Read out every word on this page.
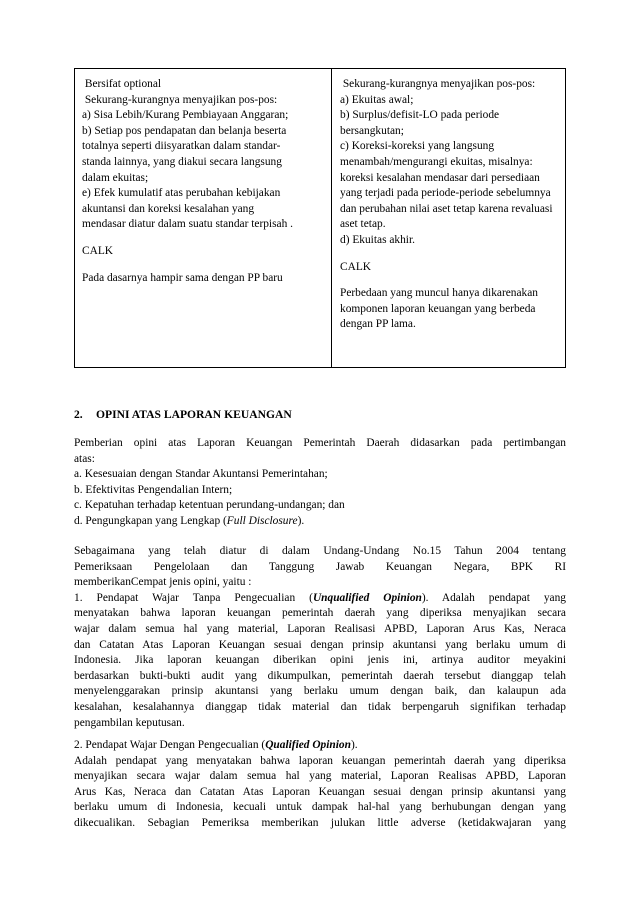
Bersifat optional
Sekurang-kurangnya menyajikan pos-pos:
a) Sisa Lebih/Kurang Pembiayaan Anggaran;
b) Setiap pos pendapatan dan belanja beserta
totalnya seperti diisyaratkan dalam standar-
standa lainnya, yang diakui secara langsung
dalam ekuitas;
e) Efek kumulatif atas perubahan kebijakan
akuntansi dan koreksi kesalahan yang
mendasar diatur dalam suatu standar terpisah .
CALK
Pada dasarnya hampir sama dengan PP baru
Sekurang-kurangnya menyajikan pos-pos:
a) Ekuitas awal;
b) Surplus/defisit-LO pada periode
bersangkutan;
c) Koreksi-koreksi yang langsung
menambah/mengurangi ekuitas, misalnya:
koreksi kesalahan mendasar dari persediaan
yang terjadi pada periode-periode sebelumnya
dan perubahan nilai aset tetap karena revaluasi
aset tetap.
d) Ekuitas akhir.
CALK
Perbedaan yang muncul hanya dikarenakan
komponen laporan keuangan yang berbeda
dengan PP lama.
2. OPINI ATAS LAPORAN KEUANGAN
Pemberian opini atas Laporan Keuangan Pemerintah Daerah didasarkan pada pertimbangan
atas:
a. Kesesuaian dengan Standar Akuntansi Pemerintahan;
b. Efektivitas Pengendalian Intern;
c. Kepatuhan terhadap ketentuan perundang-undangan; dan
d. Pengungkapan yang Lengkap (Full Disclosure).
Sebagaimana yang telah diatur di dalam Undang-Undang No.15 Tahun 2004 tentang
Pemeriksaan Pengelolaan dan Tanggung Jawab Keuangan Negara, BPK RI
memberikanCempat jenis opini, yaitu :
1. Pendapat Wajar Tanpa Pengecualian (Unqualified Opinion). Adalah pendapat yang
menyatakan bahwa laporan keuangan pemerintah daerah yang diperiksa menyajikan secara
wajar dalam semua hal yang material, Laporan Realisasi APBD, Laporan Arus Kas, Neraca
dan Catatan Atas Laporan Keuangan sesuai dengan prinsip akuntansi yang berlaku umum di
Indonesia. Jika laporan keuangan diberikan opini jenis ini, artinya auditor meyakini
berdasarkan bukti-bukti audit yang dikumpulkan, pemerintah daerah tersebut dianggap telah
menyelenggarakan prinsip akuntansi yang berlaku umum dengan baik, dan kalaupun ada
kesalahan, kesalahannya dianggap tidak material dan tidak berpengaruh signifikan terhadap
pengambilan keputusan.
2. Pendapat Wajar Dengan Pengecualian (Qualified Opinion).
Adalah pendapat yang menyatakan bahwa laporan keuangan pemerintah daerah yang diperiksa
menyajikan secara wajar dalam semua hal yang material, Laporan Realisas APBD, Laporan
Arus Kas, Neraca dan Catatan Atas Laporan Keuangan sesuai dengan prinsip akuntansi yang
berlaku umum di Indonesia, kecuali untuk dampak hal-hal yang berhubungan dengan yang
dikecualikan. Sebagian Pemeriksa memberikan julukan little adverse (ketidakwajaran yang
